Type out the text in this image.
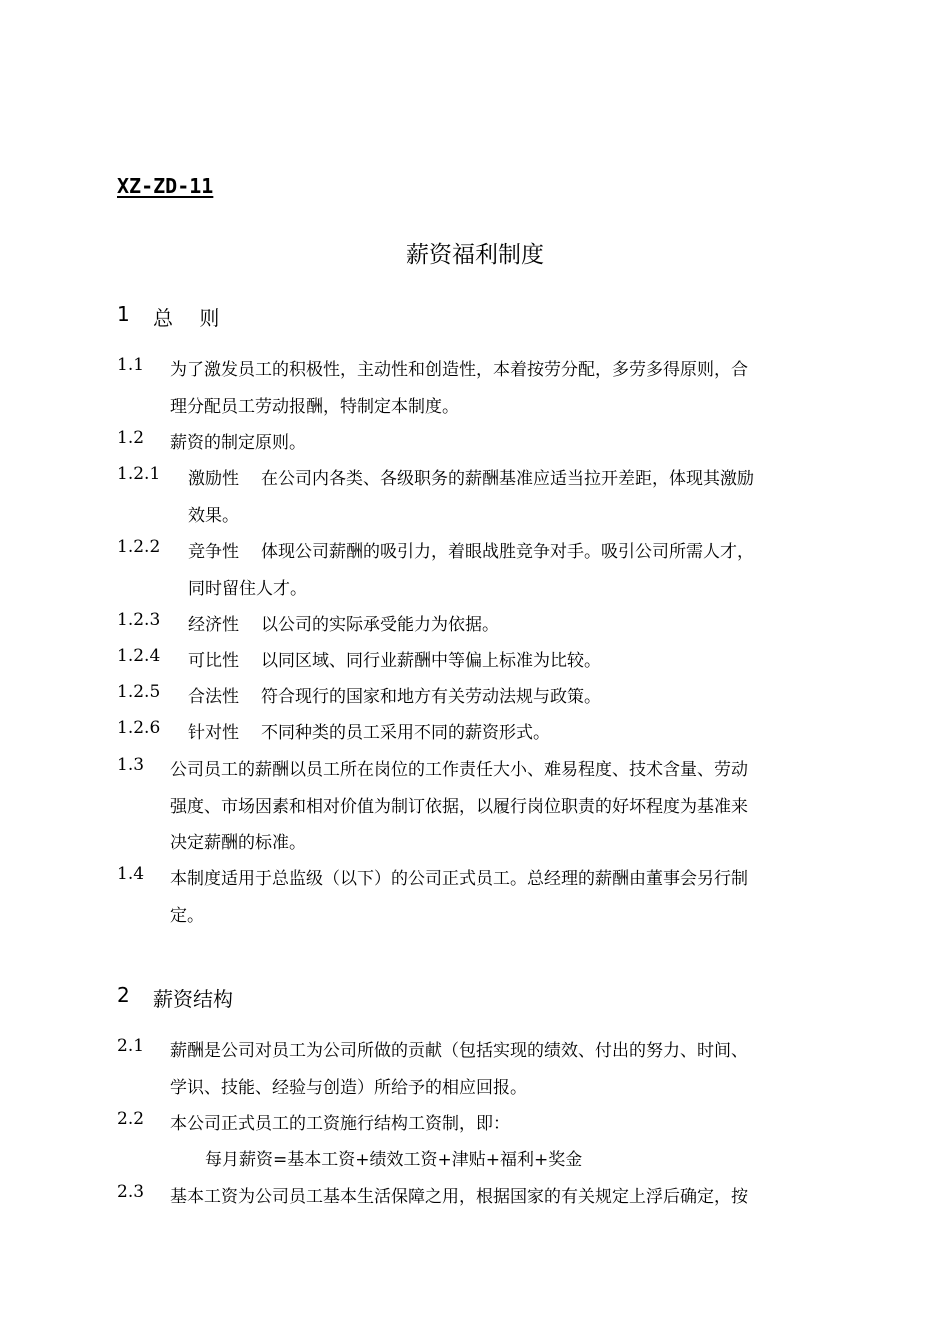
XZ-ZD-11
薪资福利制度
1 总 则
1.1 为了激发员工的积极性，主动性和创造性，本着按劳分配，多劳多得原则，合
理分配员工劳动报酬，特制定本制度。
1.2 薪资的制定原则。
1.2.1 激励性 在公司内各类、各级职务的薪酬基准应适当拉开差距，体现其激励
效果。
1.2.2 竞争性 体现公司薪酬的吸引力，着眼战胜竞争对手。吸引公司所需人才，
同时留住人才。
1.2.3 经济性 以公司的实际承受能力为依据。
1.2.4 可比性 以同区域、同行业薪酬中等偏上标准为比较。
1.2.5 合法性 符合现行的国家和地方有关劳动法规与政策。
1.2.6 针对性 不同种类的员工采用不同的薪资形式。
1.3 公司员工的薪酬以员工所在岗位的工作责任大小、难易程度、技术含量、劳动
强度、市场因素和相对价值为制订依据，以履行岗位职责的好坏程度为基准来
决定薪酬的标准。
1.4 本制度适用于总监级（以下）的公司正式员工。总经理的薪酬由董事会另行制
定。
2 薪资结构
2.1 薪酬是公司对员工为公司所做的贡献（包括实现的绩效、付出的努力、时间、
学识、技能、经验与创造）所给予的相应回报。
2.2 本公司正式员工的工资施行结构工资制，即：
每月薪资=基本工资+绩效工资+津贴+福利+奖金
2.3 基本工资为公司员工基本生活保障之用，根据国家的有关规定上浮后确定，按
